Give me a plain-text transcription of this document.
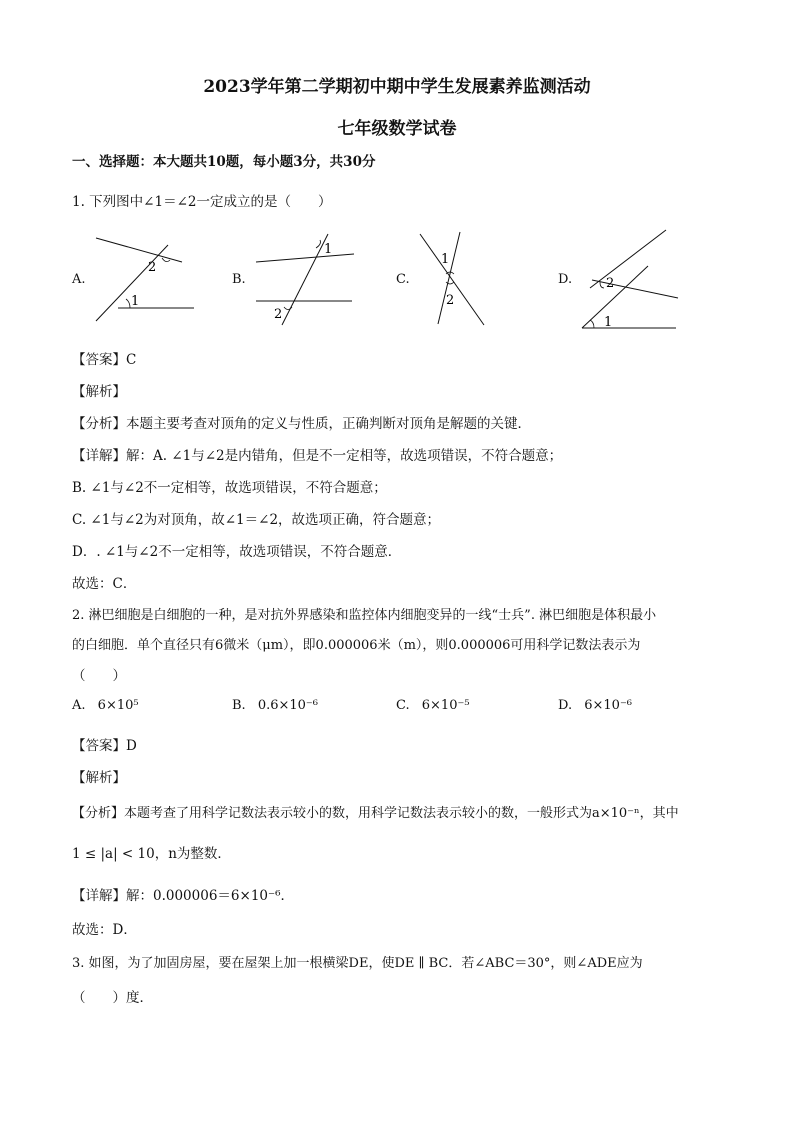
2023学年第二学期初中期中学生发展素养监测活动
七年级数学试卷
一、选择题：本大题共10题，每小题3分，共30分
1. 下列图中∠1＝∠2一定成立的是（　　）
A.
1
2
B.
1
2
C.
1
2
D.	2
1
【答案】C
【解析】
【分析】本题主要考查对顶角的定义与性质，正确判断对顶角是解题的关键．
【详解】解：A. ∠1与∠2是内错角，但是不一定相等，故选项错误，不符合题意；
B. ∠1与∠2不一定相等，故选项错误，不符合题意；
C. ∠1与∠2为对顶角，故∠1＝∠2，故选项正确，符合题意；
D．. ∠1与∠2不一定相等，故选项错误，不符合题意．
故选：C．
2. 淋巴细胞是白细胞的一种，是对抗外界感染和监控体内细胞变异的一线“士兵”. 淋巴细胞是体积最小
的白细胞．单个直径只有6微米（μm），即0.000006米（m），则0.000006可用科学记数法表示为
（　　）
A. 6×10⁵	B. 0.6×10⁻⁶	C. 6×10⁻⁵	D. 6×10⁻⁶
【答案】D
【解析】
【分析】本题考查了用科学记数法表示较小的数，用科学记数法表示较小的数，一般形式为a×10⁻ⁿ，其中
1 ≤ |a| < 10，n为整数．
【详解】解：0.000006＝6×10⁻⁶．
故选：D．
3. 如图，为了加固房屋，要在屋架上加一根横梁DE，使DE ∥ BC．若∠ABC＝30°，则∠ADE应为
（　　）度．
